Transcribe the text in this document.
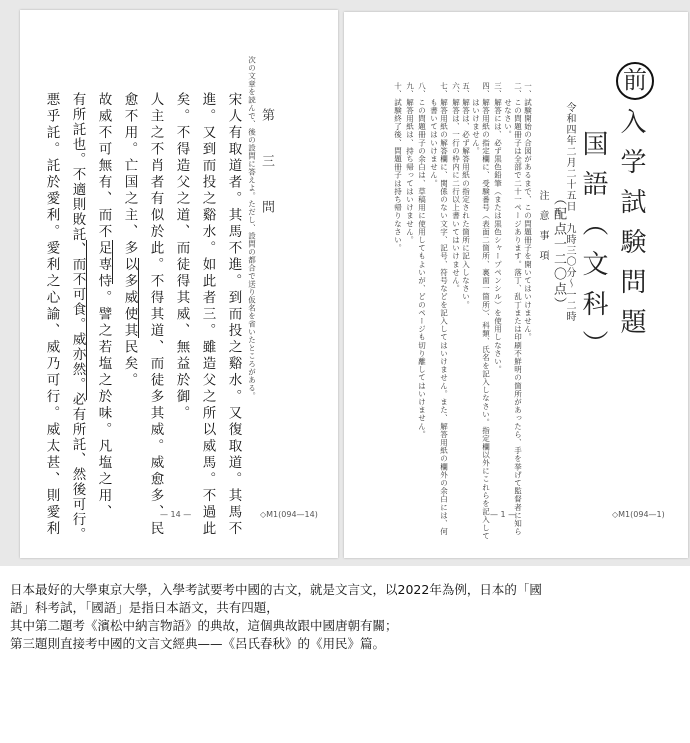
第　三　問
次の文章を読んで、後の設問に答えよ。ただし、設問の都合で送り仮名を省いたところがある。
宋人有取道者。其馬不進。到而投之谿水。又復取道。其馬不
進。又到而投之谿水。如此者三。雖造父之所以威馬。不過此
矣。不得造父之道、而徒得其威、無益於御。
人主之不肖者有似於此。不得其道、而徒多其威。威愈多、民
愈不用。亡国之主、多以多威使其民矣。
故威不可無有、而不足専恃。譬之若塩之於味。凡塩之用、
有所託也。不適則敗託、而不可食。威亦然。必有所託、然後可行。
悪乎託。託於愛利。愛利之心諭、威乃可行。威太甚、則愛利	— 14 —	◇M1(094—14)
前
入学試験問題
国語（文科）
（配点一二〇点）
令和四年二月二十五日　九時三〇分〜一二時
注　意　事　項
一、試験開始の合図があるまで、この問題冊子を開いてはいけません。
二、この問題冊子は全部で二十一ページあります。落丁、乱丁または印刷不鮮明の箇所があったら、手を挙げて監督者に知ら
　　せなさい。
三、解答には、必ず黒色鉛筆（または黒色シャープペンシル）を使用しなさい。
四、解答用紙の指定欄に、受験番号（表面二箇所、裏面一箇所）、科類、氏名を記入しなさい。指定欄以外にこれらを記入して
　　はいけません。
五、解答は、必ず解答用紙の指定された箇所に記入しなさい。
六、解答は、一行の枠内に二行以上書いてはいけません。
七、解答用紙の解答欄に、関係のない文字、記号、符号などを記入してはいけません。また、解答用紙の欄外の余白には、何
　　も書いてはいけません。
八、この問題冊子の余白は、草稿用に使用してもよいが、どのページも切り離してはいけません。
九、解答用紙は、持ち帰ってはいけません。
十、試験終了後、問題冊子は持ち帰りなさい。
— 1 —	◇M1(094—1)
日本最好的大學東京大學，入學考試要考中國的古文，就是文言文，以2022年為例，日本的「國
語」科考試，「國語」是指日本語文，共有四題，
其中第二題考《濱松中納言物語》的典故，這個典故跟中國唐朝有關；
第三題則直接考中國的文言文經典——《呂氏春秋》的《用民》篇。
